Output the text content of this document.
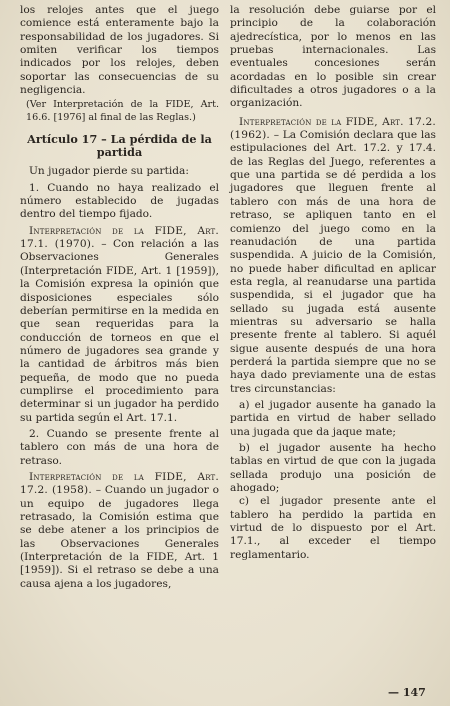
los relojes antes que el juego comience está enteramente bajo la responsabilidad de los jugadores. Si omiten verificar los tiempos indicados por los relojes, deben soportar las consecuencias de su negligencia.

(Ver Interpretación de la FIDE, Art. 16.6. [1976] al final de las Reglas.)

Artículo 17 – La pérdida de la partida

Un jugador pierde su partida:

1. Cuando no haya realizado el número establecido de jugadas dentro del tiempo fijado.

Interpretación de la FIDE, Art. 17.1. (1970). – Con relación a las Observaciones Generales (Interpretación FIDE, Art. 1 [1959]), la Comisión expresa la opinión que disposiciones especiales sólo deberían permitirse en la medida en que sean requeridas para la conducción de torneos en que el número de jugadores sea grande y la cantidad de árbitros más bien pequeña, de modo que no pueda cumplirse el procedimiento para determinar si un jugador ha perdido su partida según el Art. 17.1.

2. Cuando se presente frente al tablero con más de una hora de retraso.

Interpretación de la FIDE, Art. 17.2. (1958). – Cuando un jugador o un equipo de jugadores llega retrasado, la Comisión estima que se debe atener a los principios de las Observaciones Generales (Interpretación de la FIDE, Art. 1 [1959]). Si el retraso se debe a una causa ajena a los jugadores,

la resolución debe guiarse por el principio de la colaboración ajedrecística, por lo menos en las pruebas internacionales. Las eventuales concesiones serán acordadas en lo posible sin crear dificultades a otros jugadores o a la organización.

Interpretación de la FIDE, Art. 17.2. (1962). – La Comisión declara que las estipulaciones del Art. 17.2. y 17.4. de las Reglas del Juego, referentes a que una partida se dé perdida a los jugadores que lleguen frente al tablero con más de una hora de retraso, se apliquen tanto en el comienzo del juego como en la reanudación de una partida suspendida. A juicio de la Comisión, no puede haber dificultad en aplicar esta regla, al reanudarse una partida suspendida, si el jugador que ha sellado su jugada está ausente mientras su adversario se halla presente frente al tablero. Si aquél sigue ausente después de una hora perderá la partida siempre que no se haya dado previamente una de estas tres circunstancias:

a) el jugador ausente ha ganado la partida en virtud de haber sellado una jugada que da jaque mate;

b) el jugador ausente ha hecho tablas en virtud de que con la jugada sellada produjo una posición de ahogado;

c) el jugador presente ante el tablero ha perdido la partida en virtud de lo dispuesto por el Art. 17.1., al exceder el tiempo reglamentario.

— 147
